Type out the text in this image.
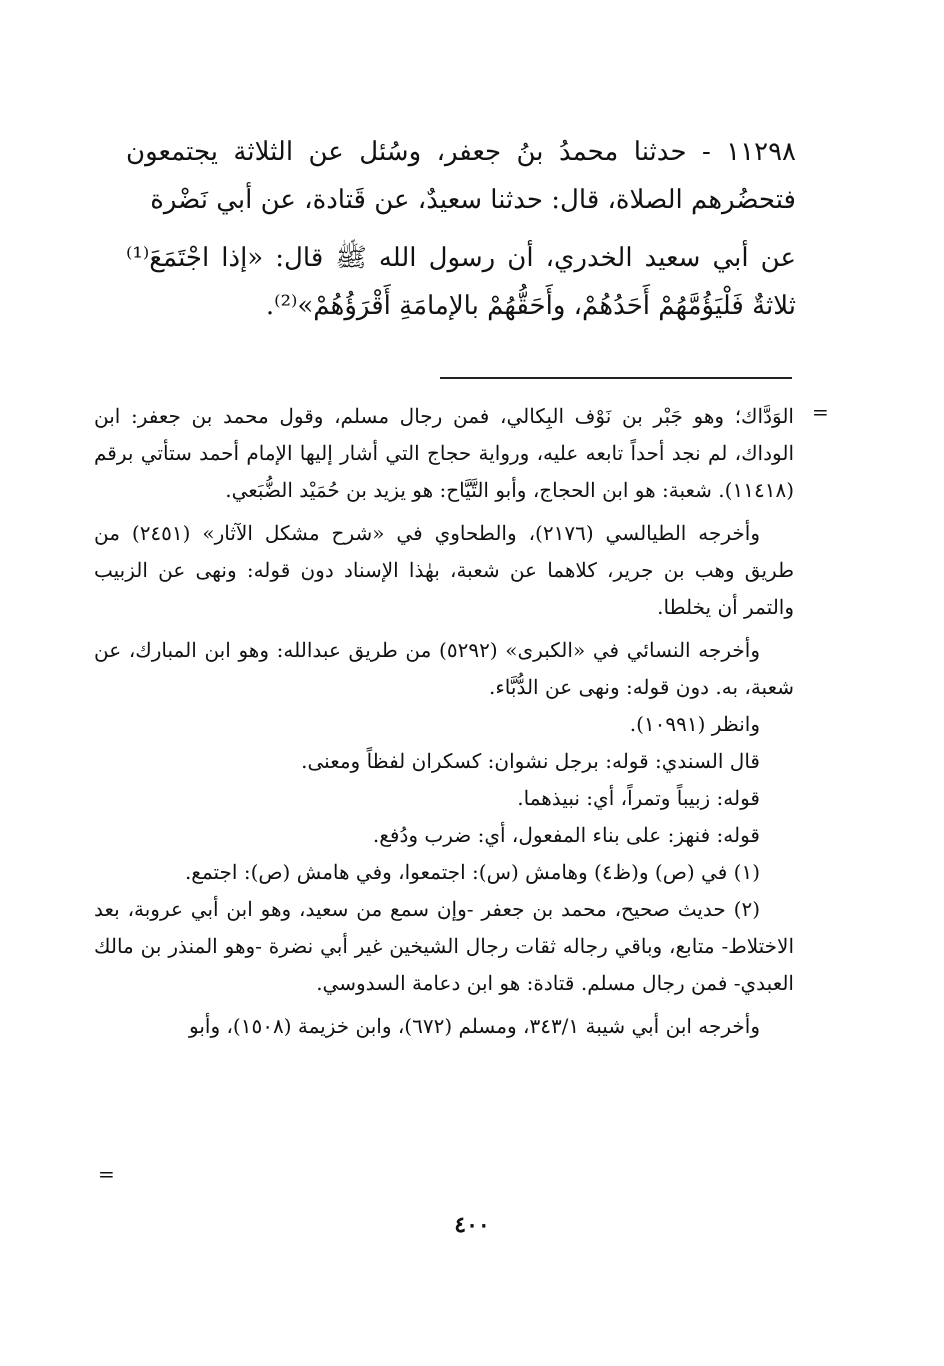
١١٢٩٨ - حدثنا محمدُ بنُ جعفر، وسُئل عن الثلاثة يجتمعون فتحضُرهم الصلاة، قال: حدثنا سعيدٌ، عن قَتادة، عن أبي نَضْرة

عن أبي سعيد الخدري، أن رسول الله ﷺ قال: «إذا اجْتَمَعَ⁽¹⁾ ثلاثةٌ فَلْيَؤُمَّهُمْ أَحَدُهُمْ، وأَحَقُّهُمْ بالإمامَةِ أَقْرَؤُهُمْ»⁽²⁾.

=

الوَدَّاك؛ وهو جَبْر بن نَوْف البِكالي، فمن رجال مسلم، وقول محمد بن جعفر: ابن الوداك، لم نجد أحداً تابعه عليه، ورواية حجاج التي أشار إليها الإمام أحمد ستأتي برقم (١١٤١٨). شعبة: هو ابن الحجاج، وأبو التَّيَّاح: هو يزيد بن حُمَيْد الضُّبَعي.

وأخرجه الطيالسي (٢١٧٦)، والطحاوي في «شرح مشكل الآثار» (٢٤٥١) من طريق وهب بن جرير، كلاهما عن شعبة، بهٰذا الإسناد دون قوله: ونهى عن الزبيب والتمر أن يخلطا.

وأخرجه النسائي في «الكبرى» (٥٢٩٢) من طريق عبدالله: وهو ابن المبارك، عن شعبة، به. دون قوله: ونهى عن الدُّبَّاء.

وانظر (١٠٩٩١).

قال السندي: قوله: برجل نشوان: كسكران لفظاً ومعنى.

قوله: زبيباً وتمراً، أي: نبيذهما.

قوله: فنهز: على بناء المفعول، أي: ضرب ودُفع.

(١) في (ص) و(ظ٤) وهامش (س): اجتمعوا، وفي هامش (ص): اجتمع.

(٢) حديث صحيح، محمد بن جعفر -وإن سمع من سعيد، وهو ابن أبي عروبة، بعد الاختلاط- متابع، وباقي رجاله ثقات رجال الشيخين غير أبي نضرة -وهو المنذر بن مالك العبدي- فمن رجال مسلم. قتادة: هو ابن دعامة السدوسي.

وأخرجه ابن أبي شيبة ٣٤٣/١، ومسلم (٦٧٢)، وابن خزيمة (١٥٠٨)، وأبو

=
٤٠٠
